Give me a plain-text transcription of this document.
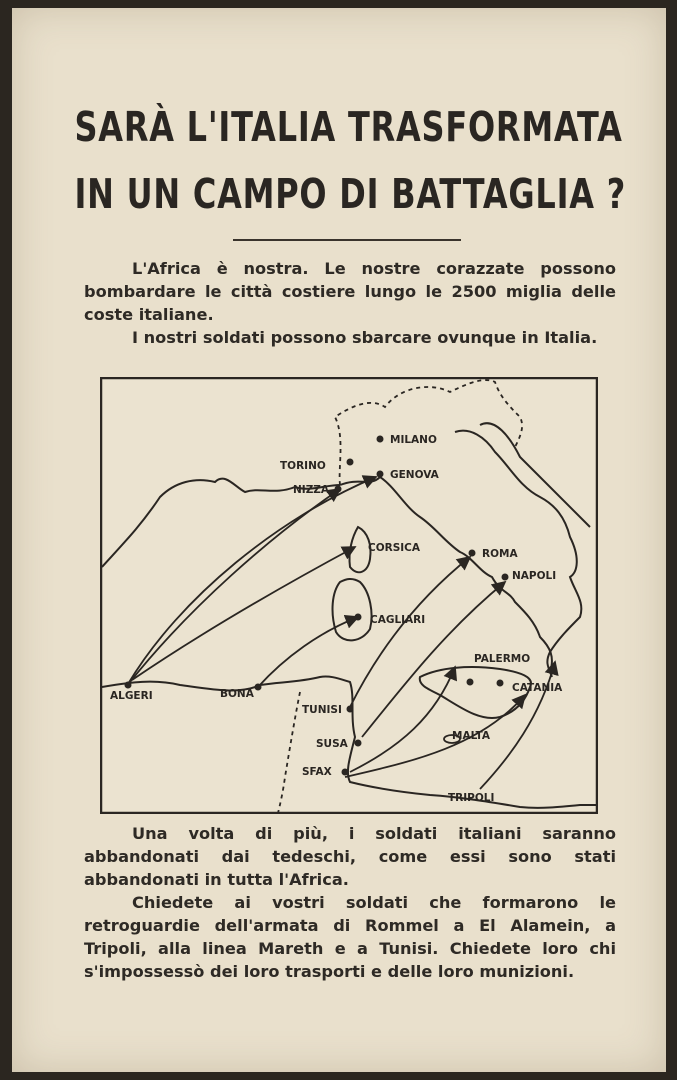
SARÀ L'ITALIA TRASFORMATA
IN UN CAMPO DI BATTAGLIA ?
L'Africa è nostra. Le nostre corazzate possono bombardare le città costiere lungo le 2500 miglia delle coste italiane.
I nostri soldati possono sbarcare ovunque in Italia.
MILANO
TORINO
GENOVA
NIZZA
CORSICA	ROMA
NAPOLI
CAGLIARI
PALERMO
CATANIA
ALGERI	BONA
TUNISI
SUSA
SFAX
MALTA
TRIPOLI
Una volta di più, i soldati italiani saranno abbandonati dai tedeschi, come essi sono stati abbandonati in tutta l'Africa.
Chiedete ai vostri soldati che formarono le retroguardie dell'armata di Rommel a El Alamein, a Tripoli, alla linea Mareth e a Tunisi. Chiedete loro chi s'impossessò dei loro trasporti e delle loro munizioni.
